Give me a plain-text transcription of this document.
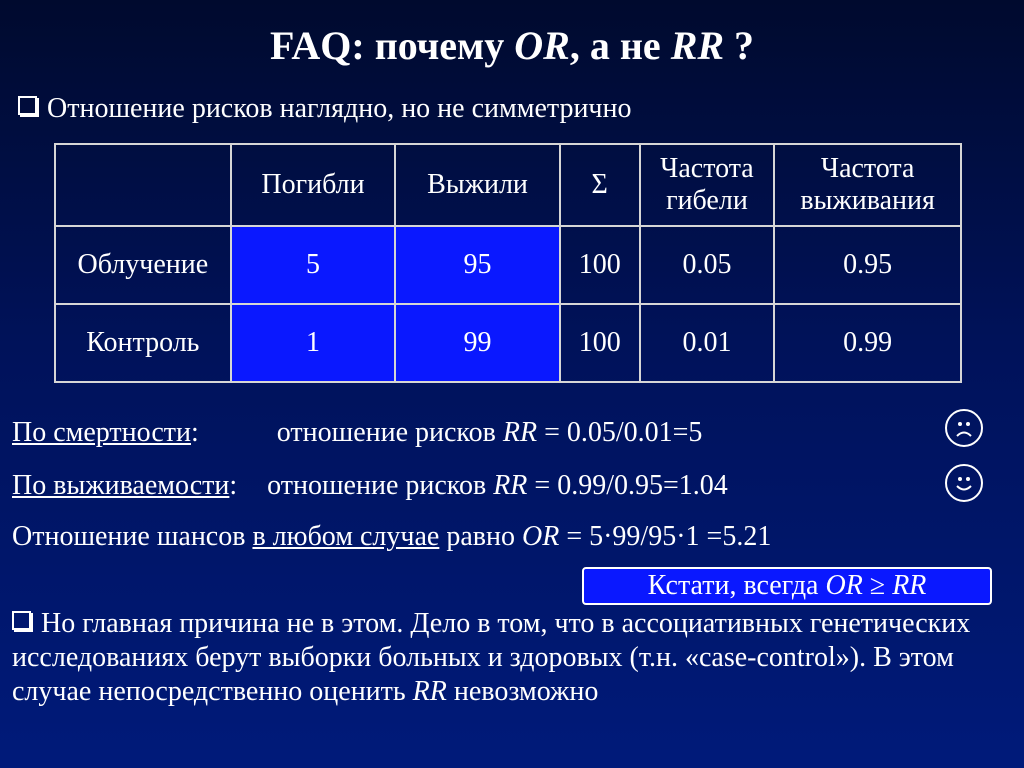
FAQ: почему OR, а не RR ?
Отношение рисков наглядно, но не симметрично
	Погибли	Выжили	Σ	Частота гибели	Частота выживания
Облучение	5	95	100	0.05	0.95
Контроль	1	99	100	0.01	0.99
По смертности:	отношение рисков RR = 0.05/0.01=5
По выживаемости: отношение рисков RR = 0.99/0.95=1.04
Отношение шансов в любом случае равно OR = 5·99/95·1 =5.21
Кстати, всегда OR ≥ RR
Но главная причина не в этом. Дело в том, что в ассоциативных генетических исследованиях берут выборки больных и здоровых (т.н. «case-control»). В этом случае непосредственно оценить RR невозможно
